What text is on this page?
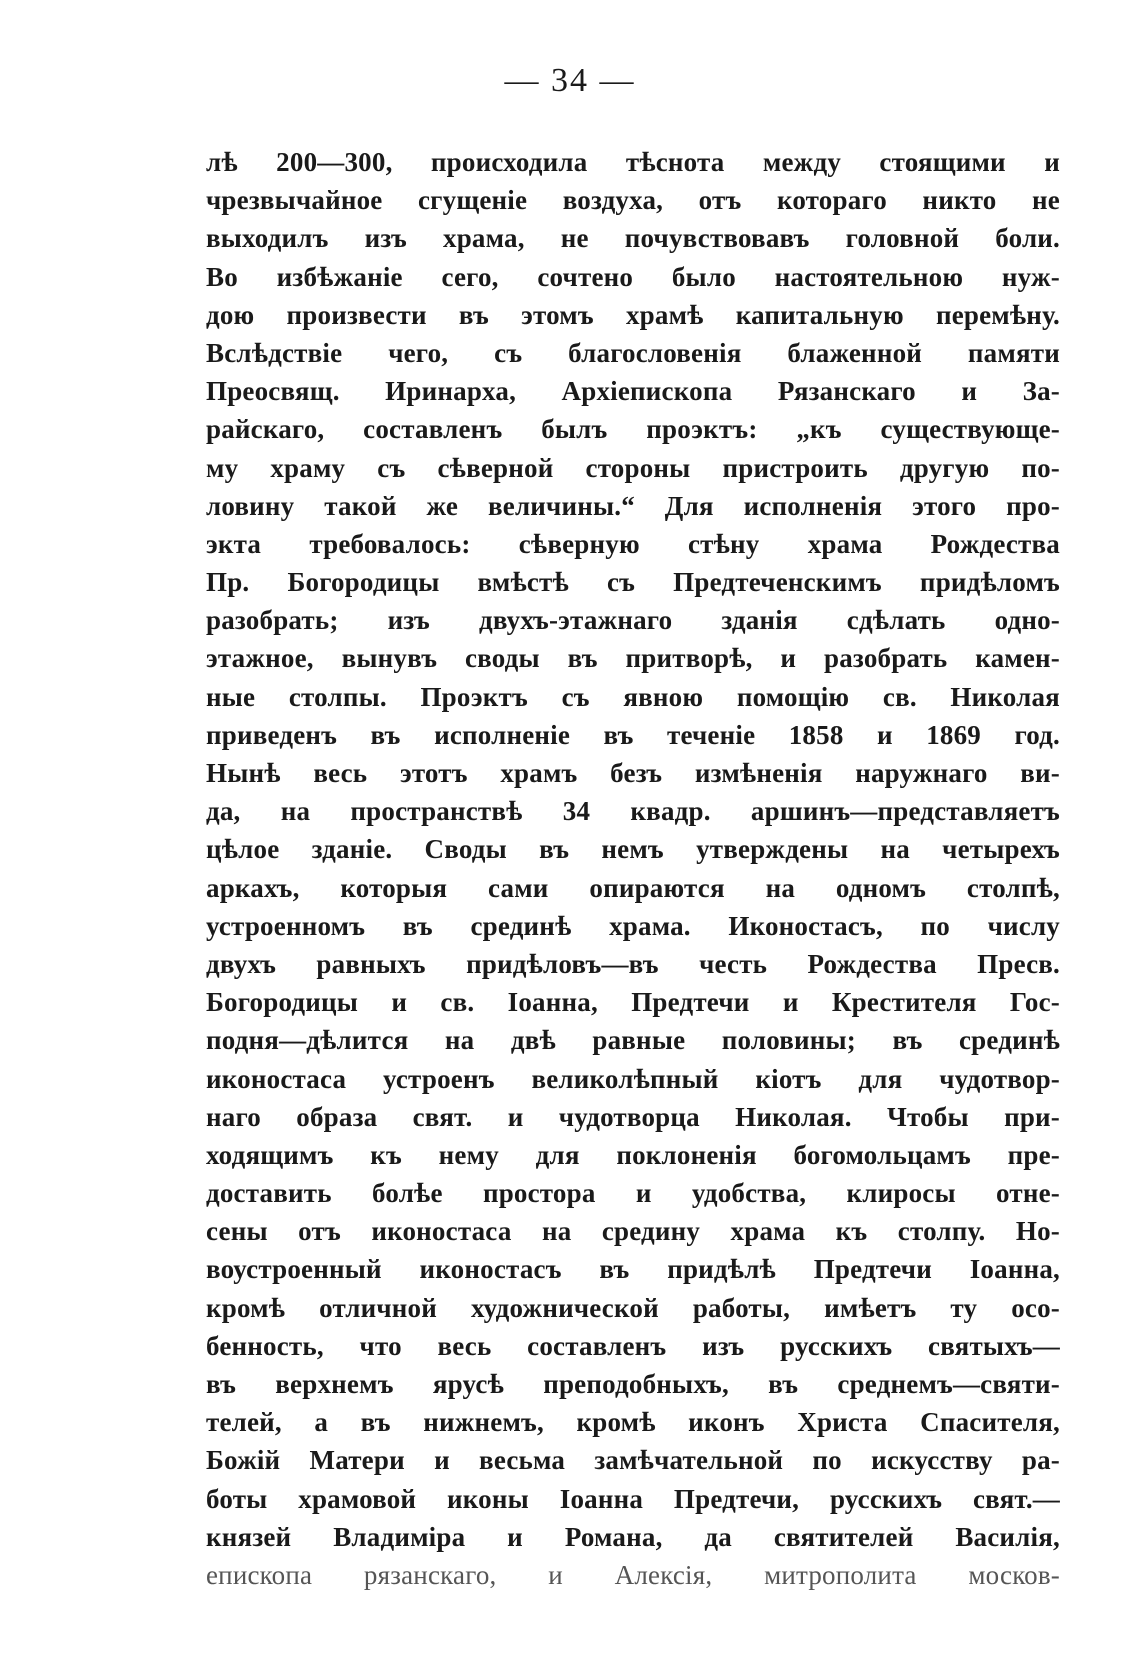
— 34 —
лѣ 200—300, происходила тѣснота между стоящими и
чрезвычайное сгущеніе воздуха, отъ котораго никто не
выходилъ изъ храма, не почувствовавъ головной боли.
Во избѣжаніе сего, сочтено было настоятельною нуж-
дою произвести въ этомъ храмѣ капитальную перемѣну.
Вслѣдствіе чего, съ благословенія блаженной памяти
Преосвящ. Иринарха, Архіепископа Рязанскаго и За-
райскаго, составленъ былъ проэктъ: „къ существующе-
му храму съ сѣверной стороны пристроить другую по-
ловину такой же величины.“ Для исполненія этого про-
экта требовалось: сѣверную стѣну храма Рождества
Пр. Богородицы вмѣстѣ съ Предтеченскимъ придѣломъ
разобрать; изъ двухъ-этажнаго зданія сдѣлать одно-
этажное, вынувъ своды въ притворѣ, и разобрать камен-
ные столпы. Проэктъ съ явною помощію св. Николая
приведенъ въ исполненіе въ теченіе 1858 и 1869 год.
Нынѣ весь этотъ храмъ безъ измѣненія наружнаго ви-
да, на пространствѣ 34 квадр. аршинъ—представляетъ
цѣлое зданіе. Своды въ немъ утверждены на четырехъ
аркахъ, которыя сами опираются на одномъ столпѣ,
устроенномъ въ срединѣ храма. Иконостасъ, по числу
двухъ равныхъ придѣловъ—въ честь Рождества Пресв.
Богородицы и св. Іоанна, Предтечи и Крестителя Гос-
подня—дѣлится на двѣ равные половины; въ срединѣ
иконостаса устроенъ великолѣпный кіотъ для чудотвор-
наго образа свят. и чудотворца Николая. Чтобы при-
ходящимъ къ нему для поклоненія богомольцамъ пре-
доставить болѣе простора и удобства, клиросы отне-
сены отъ иконостаса на средину храма къ столпу. Но-
воустроенный иконостасъ въ придѣлѣ Предтечи Іоанна,
кромѣ отличной художнической работы, имѣетъ ту осо-
бенность, что весь составленъ изъ русскихъ святыхъ—
въ верхнемъ ярусѣ преподобныхъ, въ среднемъ—святи-
телей, а въ нижнемъ, кромѣ иконъ Христа Спасителя,
Божій Матери и весьма замѣчательной по искусству ра-
боты храмовой иконы Іоанна Предтечи, русскихъ свят.—
князей Владиміра и Романа, да святителей Василія,
епископа рязанскаго, и Алексія, митрополита москов-
